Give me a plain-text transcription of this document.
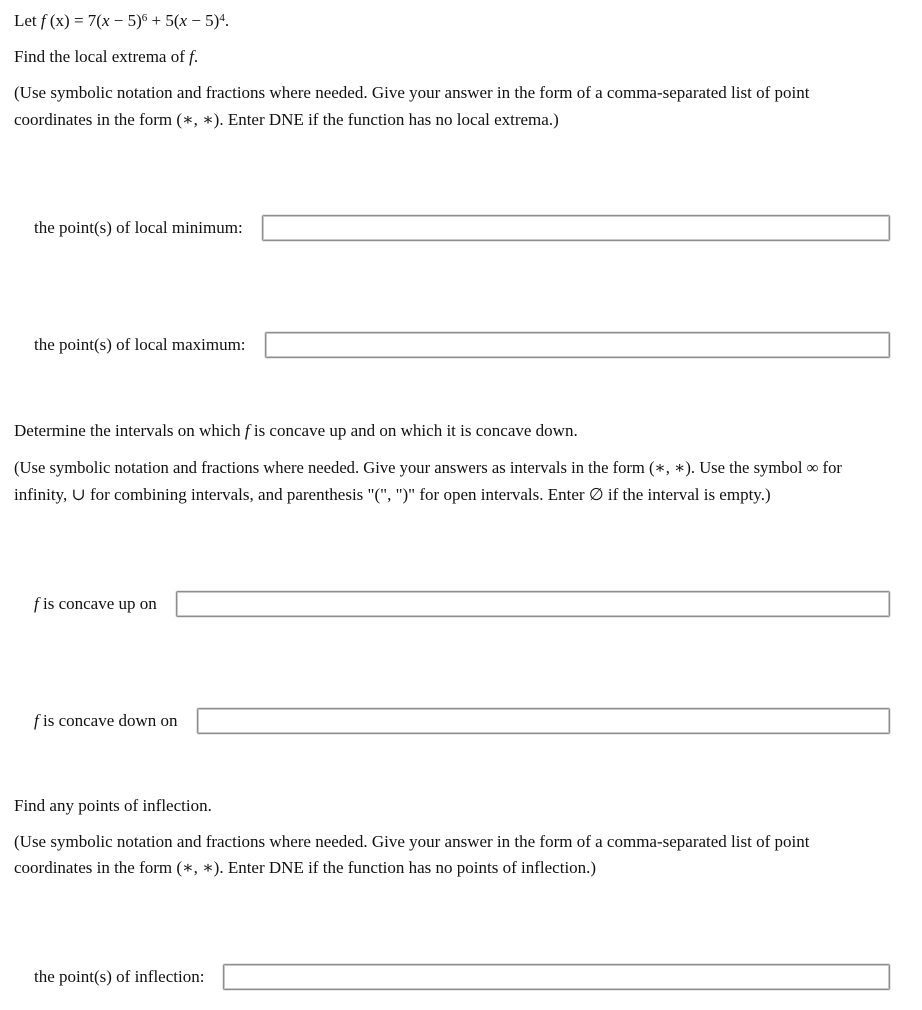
Let f $(x) = 7(x - 5)^6 + 5(x - 5)^4$.
Find the local extrema of f.
(Use symbolic notation and fractions where needed. Give your answer in the form of a comma-separated list of point
coordinates in the form (∗, ∗). Enter DNE if the function has no local extrema.)
the point(s) of local minimum:
the point(s) of local maximum:
Determine the intervals on which f is concave up and on which it is concave down.
(Use symbolic notation and fractions where needed. Give your answers as intervals in the form (∗, ∗). Use the symbol ∞ for
infinity, ∪ for combining intervals, and parenthesis "(", ")" for open intervals. Enter ∅ if the interval is empty.)
f is concave up on
f is concave down on
Find any points of inflection.
(Use symbolic notation and fractions where needed. Give your answer in the form of a comma-separated list of point
coordinates in the form (∗, ∗). Enter DNE if the function has no points of inflection.)
the point(s) of inflection:
